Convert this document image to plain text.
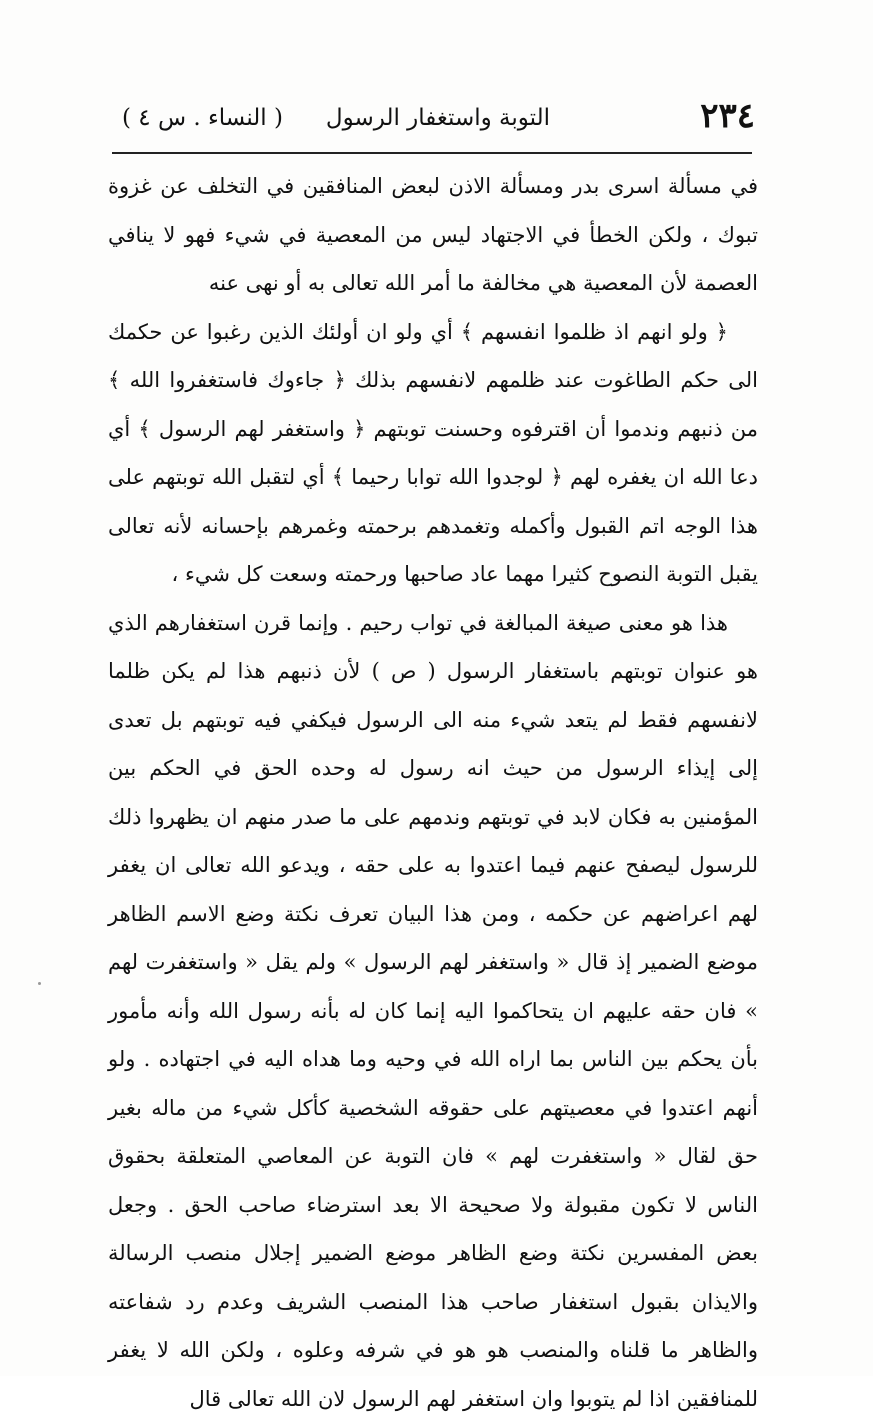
٢٣٤
التوبة واستغفار الرسول
( النساء . س ٤ )

في مسألة اسرى بدر ومسألة الاذن لبعض المنافقين في التخلف عن غزوة تبوك ، ولكن الخطأ في الاجتهاد ليس من المعصية في شيء فهو لا ينافي العصمة لأن المعصية هي مخالفة ما أمر الله تعالى به أو نهى عنه

﴿ ولو انهم اذ ظلموا انفسهم ﴾ أي ولو ان أولئك الذين رغبوا عن حكمك الى حكم الطاغوت عند ظلمهم لانفسهم بذلك ﴿ جاءوك فاستغفروا الله ﴾ من ذنبهم وندموا أن اقترفوه وحسنت توبتهم ﴿ واستغفر لهم الرسول ﴾ أي دعا الله ان يغفره لهم ﴿ لوجدوا الله توابا رحيما ﴾ أي لتقبل الله توبتهم على هذا الوجه اتم القبول وأكمله وتغمدهم برحمته وغمرهم بإحسانه لأنه تعالى يقبل التوبة النصوح كثيرا مهما عاد صاحبها ورحمته وسعت كل شيء ،

هذا هو معنى صيغة المبالغة في تواب رحيم . وإنما قرن استغفارهم الذي هو عنوان توبتهم باستغفار الرسول ( ص ) لأن ذنبهم هذا لم يكن ظلما لانفسهم فقط لم يتعد شيء منه الى الرسول فيكفي فيه توبتهم بل تعدى إلى إيذاء الرسول من حيث انه رسول له وحده الحق في الحكم بين المؤمنين به فكان لابد في توبتهم وندمهم على ما صدر منهم ان يظهروا ذلك للرسول ليصفح عنهم فيما اعتدوا به على حقه ، ويدعو الله تعالى ان يغفر لهم اعراضهم عن حكمه ، ومن هذا البيان تعرف نكتة وضع الاسم الظاهر موضع الضمير إذ قال « واستغفر لهم الرسول » ولم يقل « واستغفرت لهم » فان حقه عليهم ان يتحاكموا اليه إنما كان له بأنه رسول الله وأنه مأمور بأن يحكم بين الناس بما اراه الله في وحيه وما هداه اليه في اجتهاده . ولو أنهم اعتدوا في معصيتهم على حقوقه الشخصية كأكل شيء من ماله بغير حق لقال « واستغفرت لهم » فان التوبة عن المعاصي المتعلقة بحقوق الناس لا تكون مقبولة ولا صحيحة الا بعد استرضاء صاحب الحق . وجعل بعض المفسرين نكتة وضع الظاهر موضع الضمير إجلال منصب الرسالة والايذان بقبول استغفار صاحب هذا المنصب الشريف وعدم رد شفاعته والظاهر ما قلناه والمنصب هو هو في شرفه وعلوه ، ولكن الله لا يغفر للمنافقين اذا لم يتوبوا وان استغفر لهم الرسول لان الله تعالى قال
